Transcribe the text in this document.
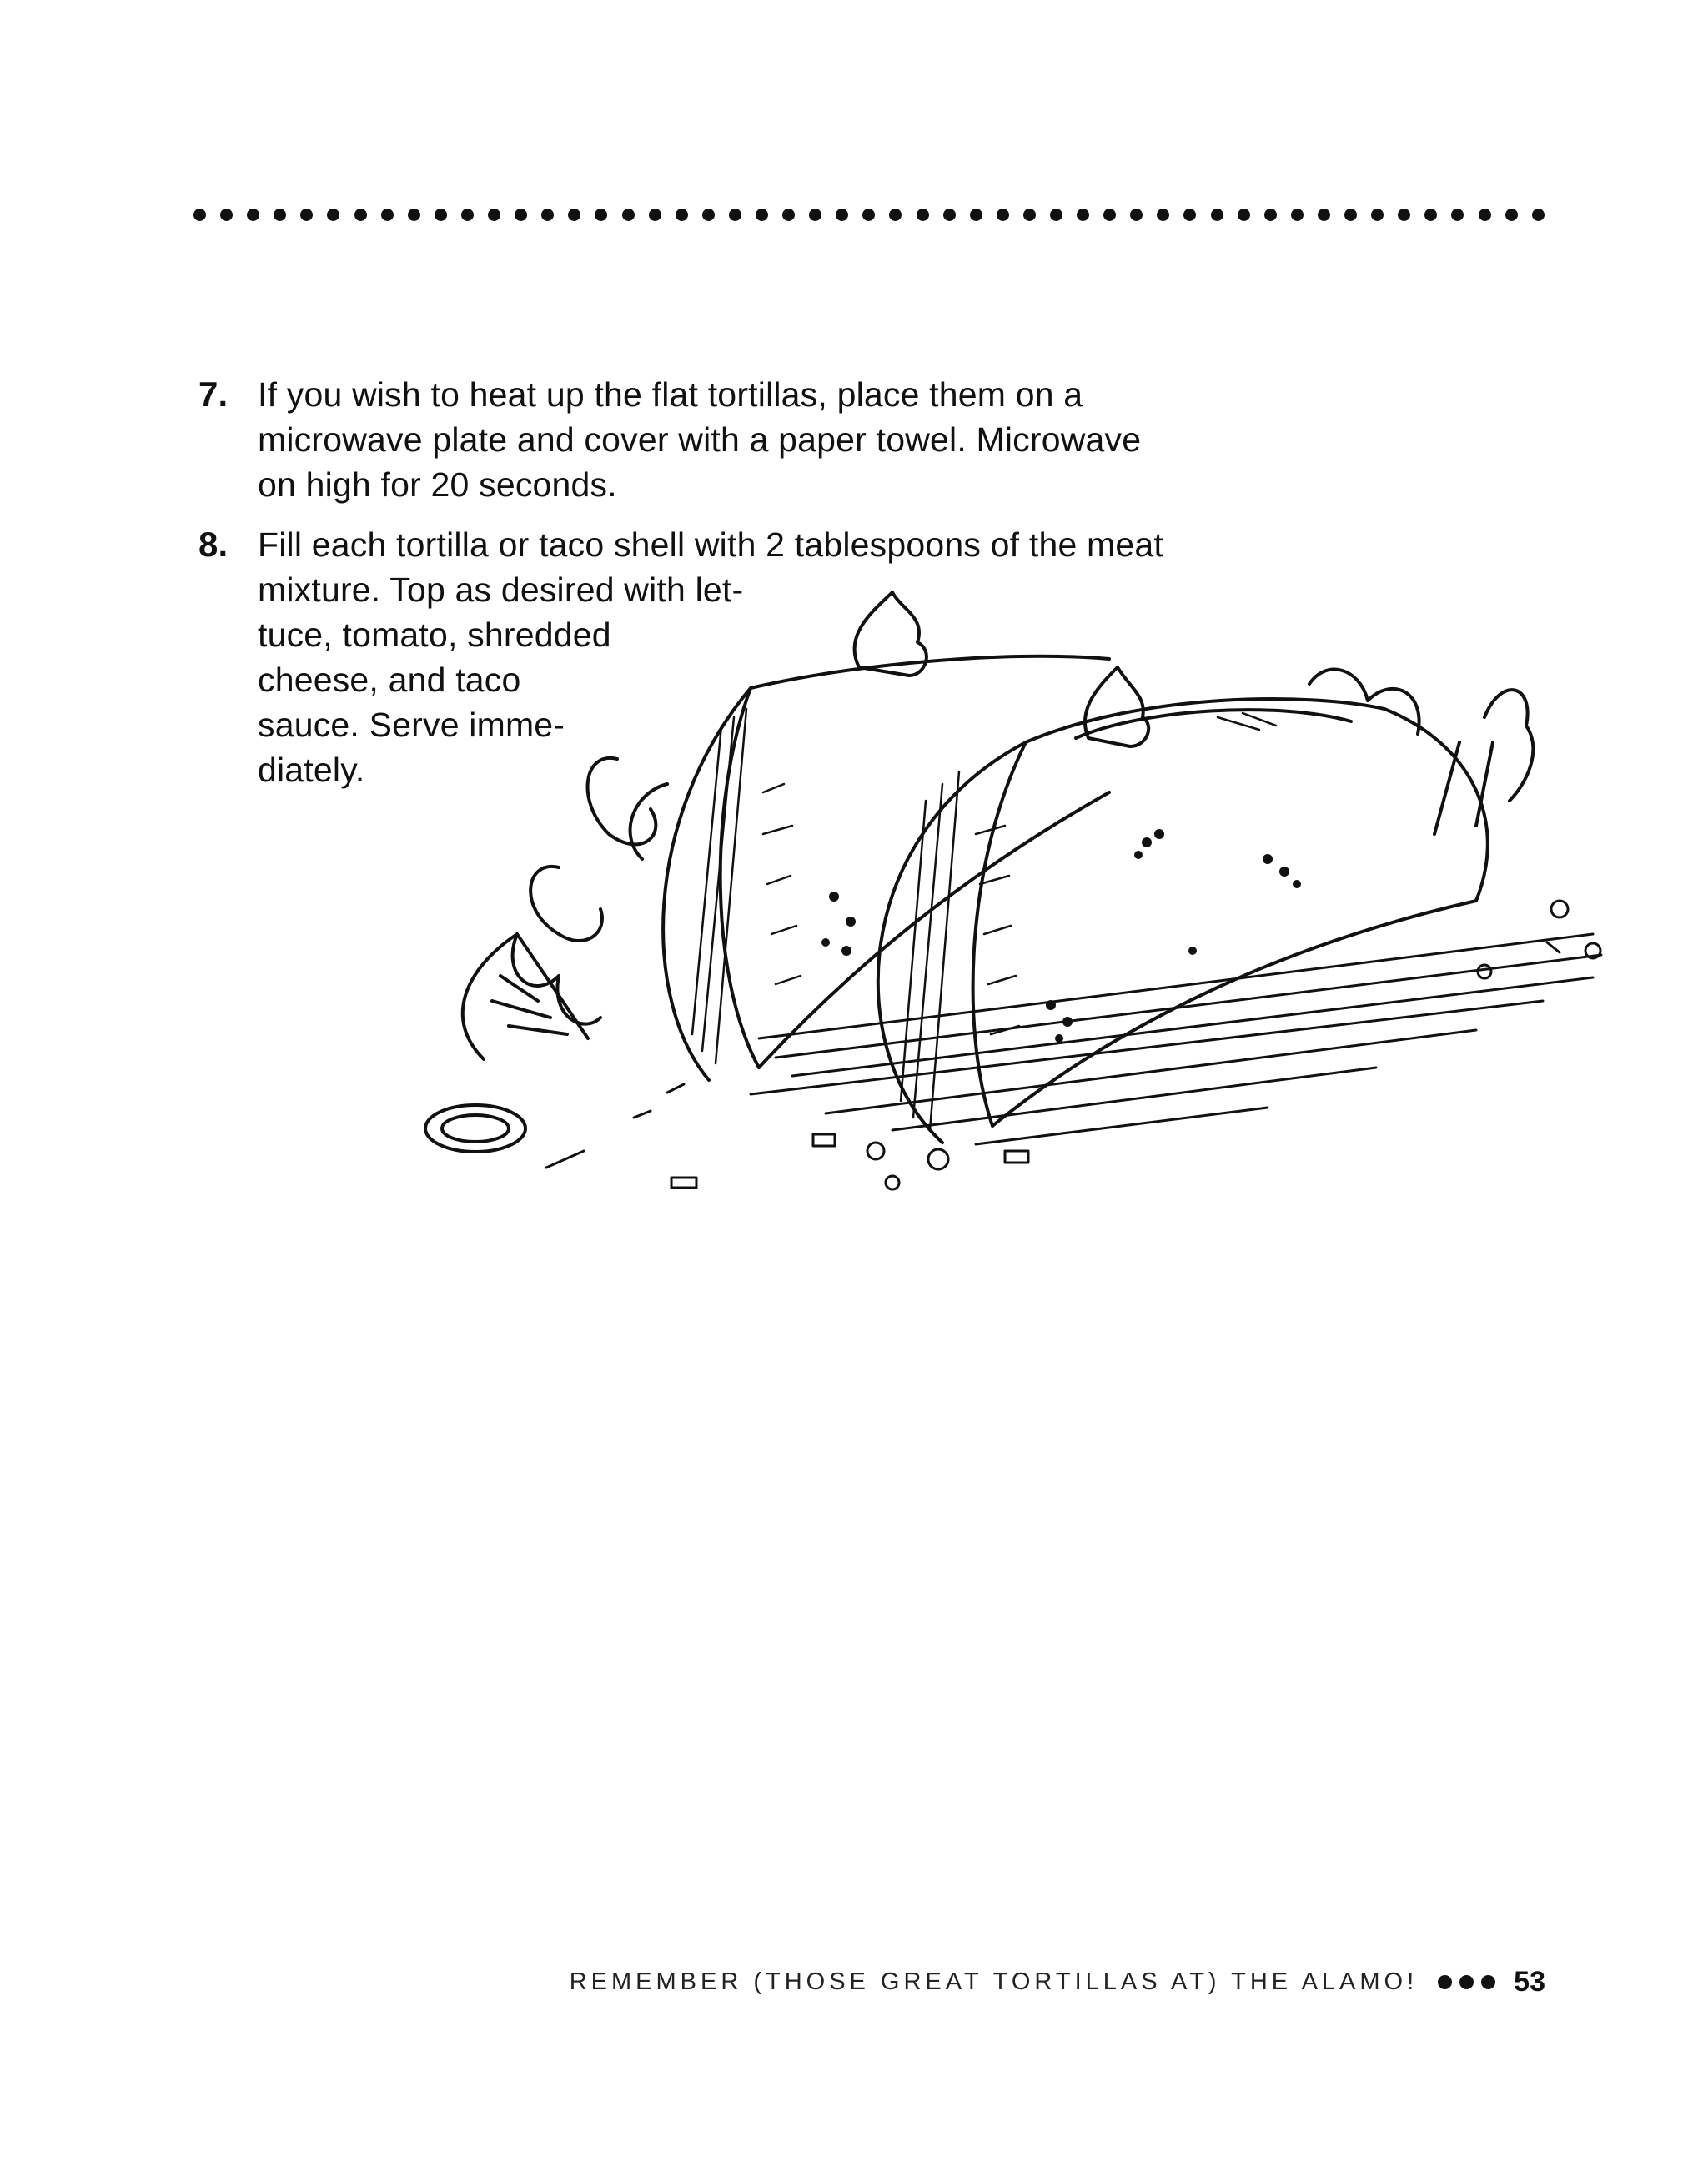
7. If you wish to heat up the flat tortillas, place them on a
microwave plate and cover with a paper towel. Microwave
on high for 20 seconds.
8. Fill each tortilla or taco shell with 2 tablespoons of the meat
mixture. Top as desired with let-
tuce, tomato, shredded
cheese, and taco
sauce. Serve imme-
diately.
REMEMBER (THOSE GREAT TORTILLAS AT) THE ALAMO!	53
